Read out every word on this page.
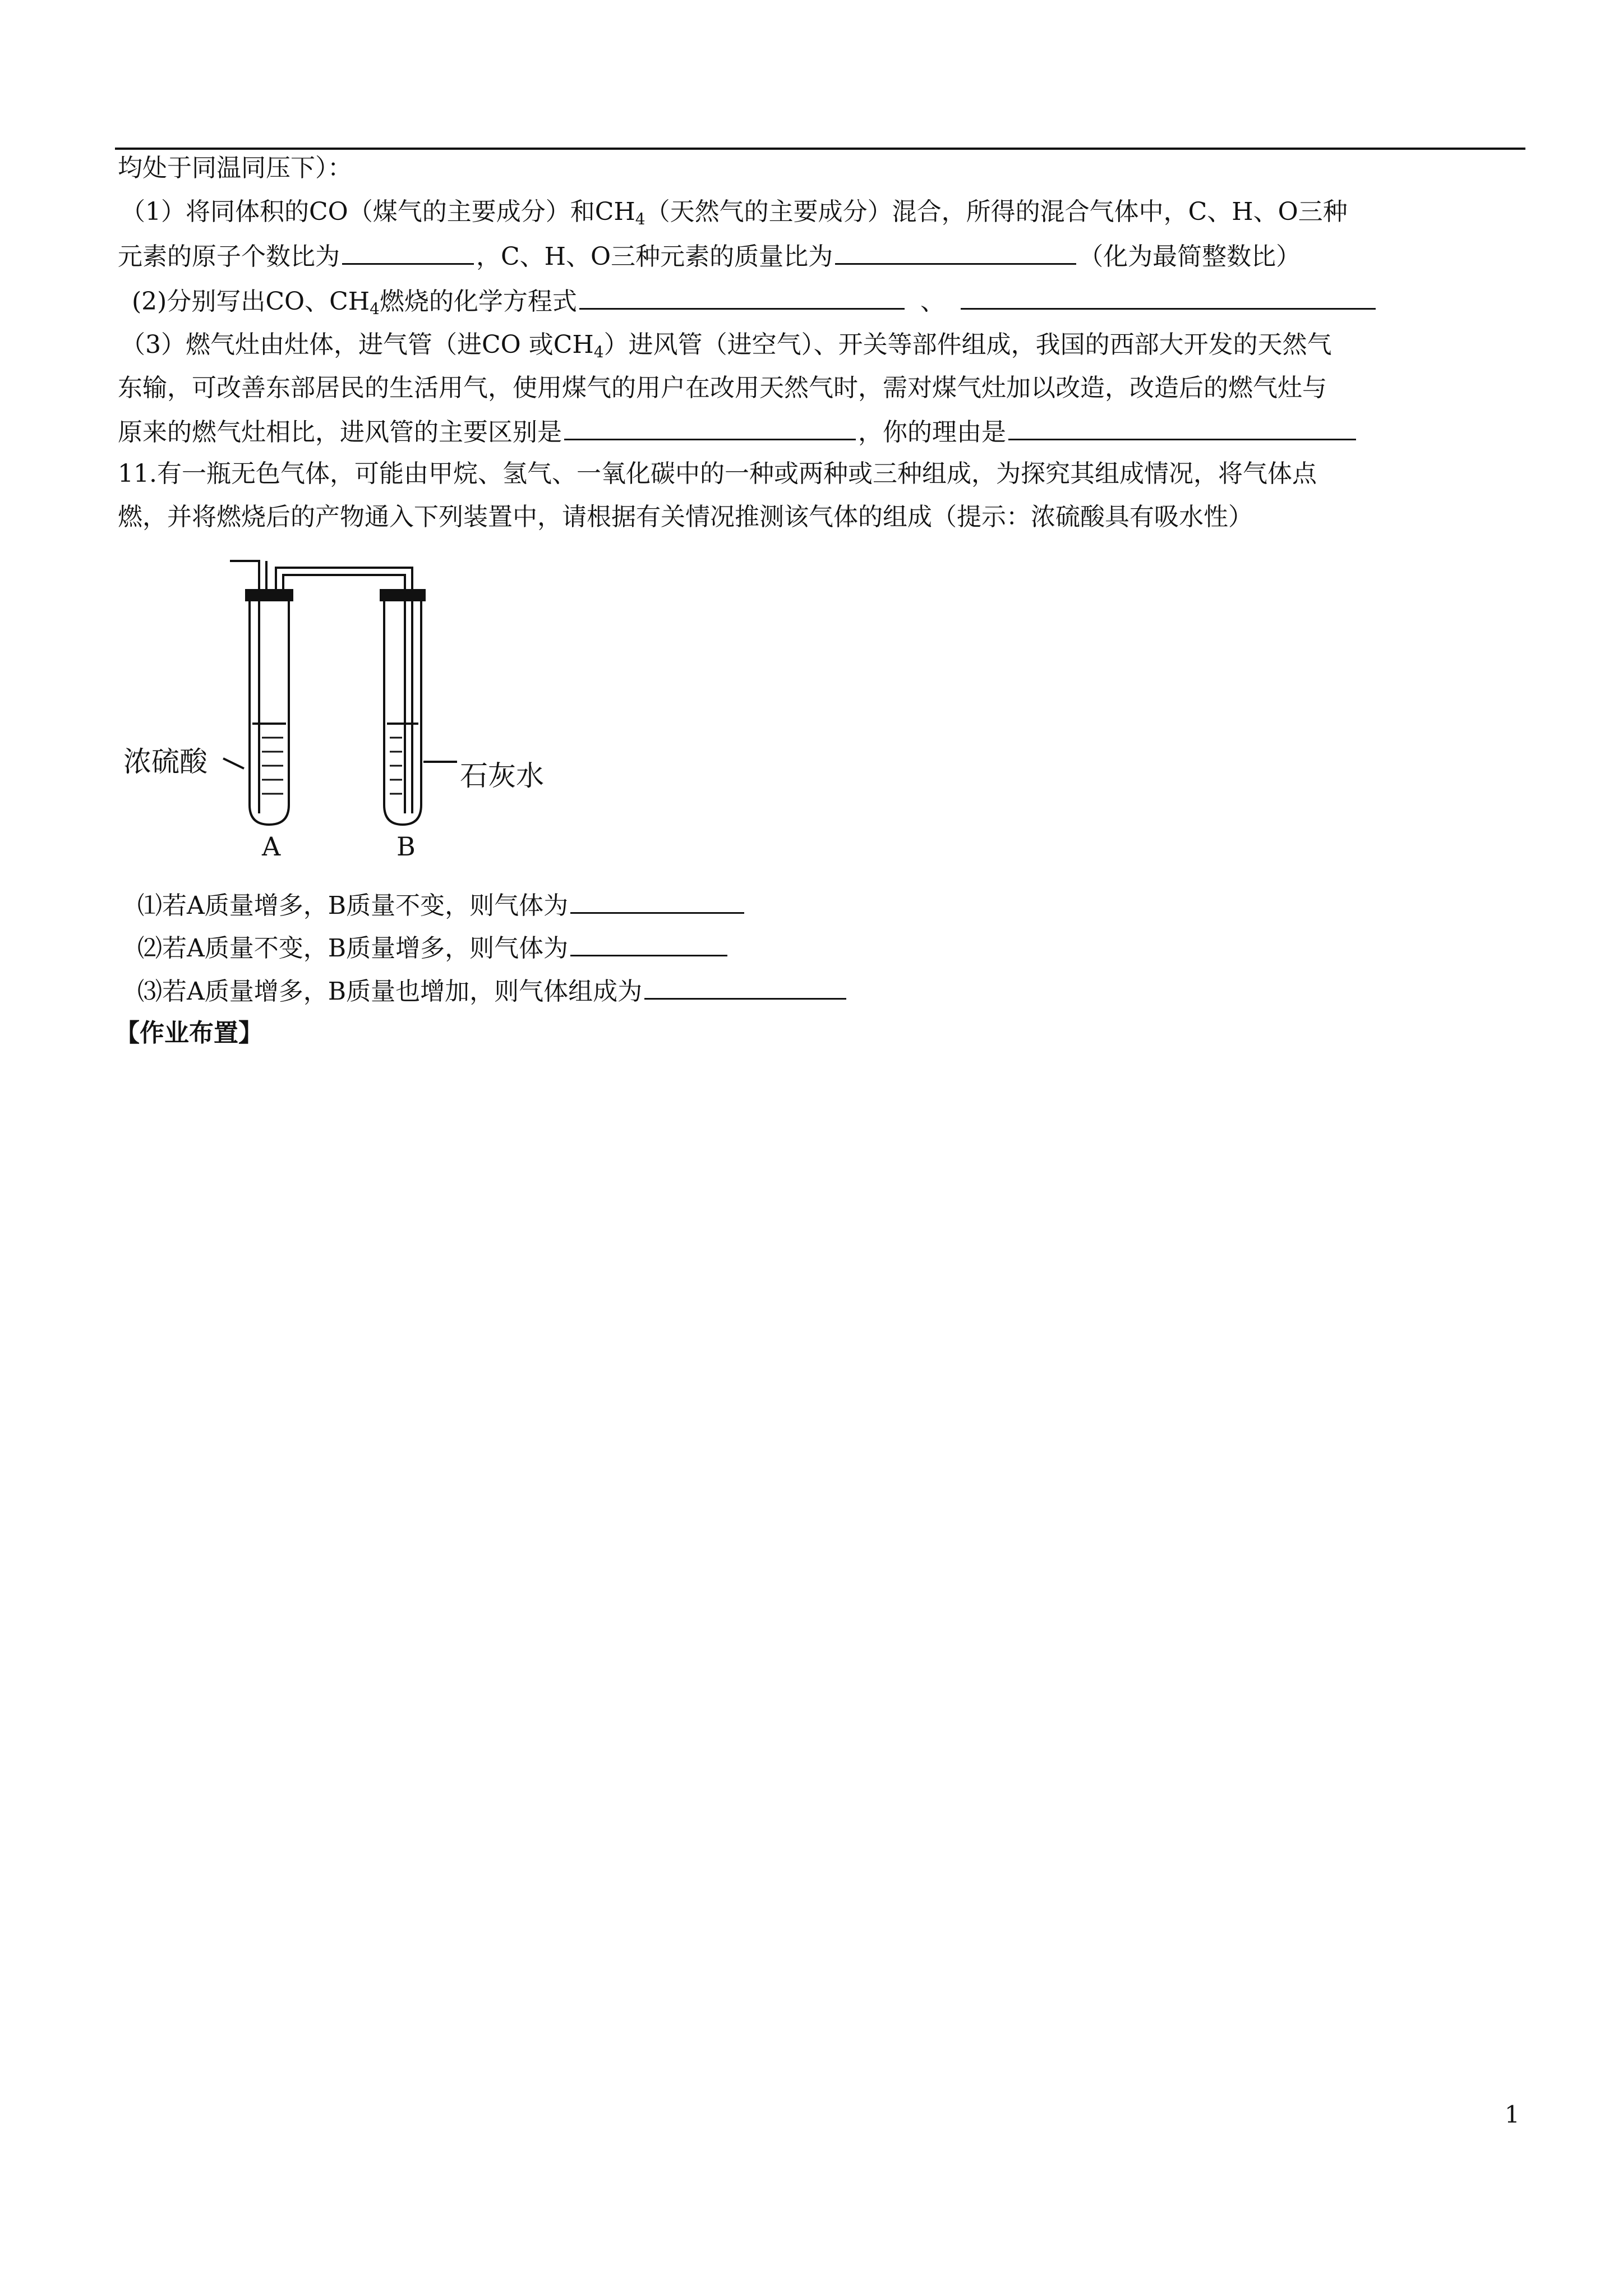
均处于同温同压下）：
（1）将同体积的CO（煤气的主要成分）和$CH_4$（天然气的主要成分）混合，所得的混合气体中，C、H、O三种
元素的原子个数比为	，C、H、O三种元素的质量比为	（化为最简整数比）
(2)分别写出CO、$CH_4$燃烧的化学方程式	、
（3）燃气灶由灶体，进气管（进CO 或$CH_4$）进风管（进空气）、开关等部件组成，我国的西部大开发的天然气
东输，可改善东部居民的生活用气，使用煤气的用户在改用天然气时，需对煤气灶加以改造，改造后的燃气灶与
原来的燃气灶相比，进风管的主要区别是	，你的理由是
11.有一瓶无色气体，可能由甲烷、氢气、一氧化碳中的一种或两种或三种组成，为探究其组成情况，将气体点
燃，并将燃烧后的产物通入下列装置中，请根据有关情况推测该气体的组成（提示：浓硫酸具有吸水性）
浓硫酸	石灰水
A	B
⑴若A质量增多，B质量不变，则气体为
⑵若A质量不变，B质量增多，则气体为
⑶若A质量增多，B质量也增加，则气体组成为
【作业布置】
1
